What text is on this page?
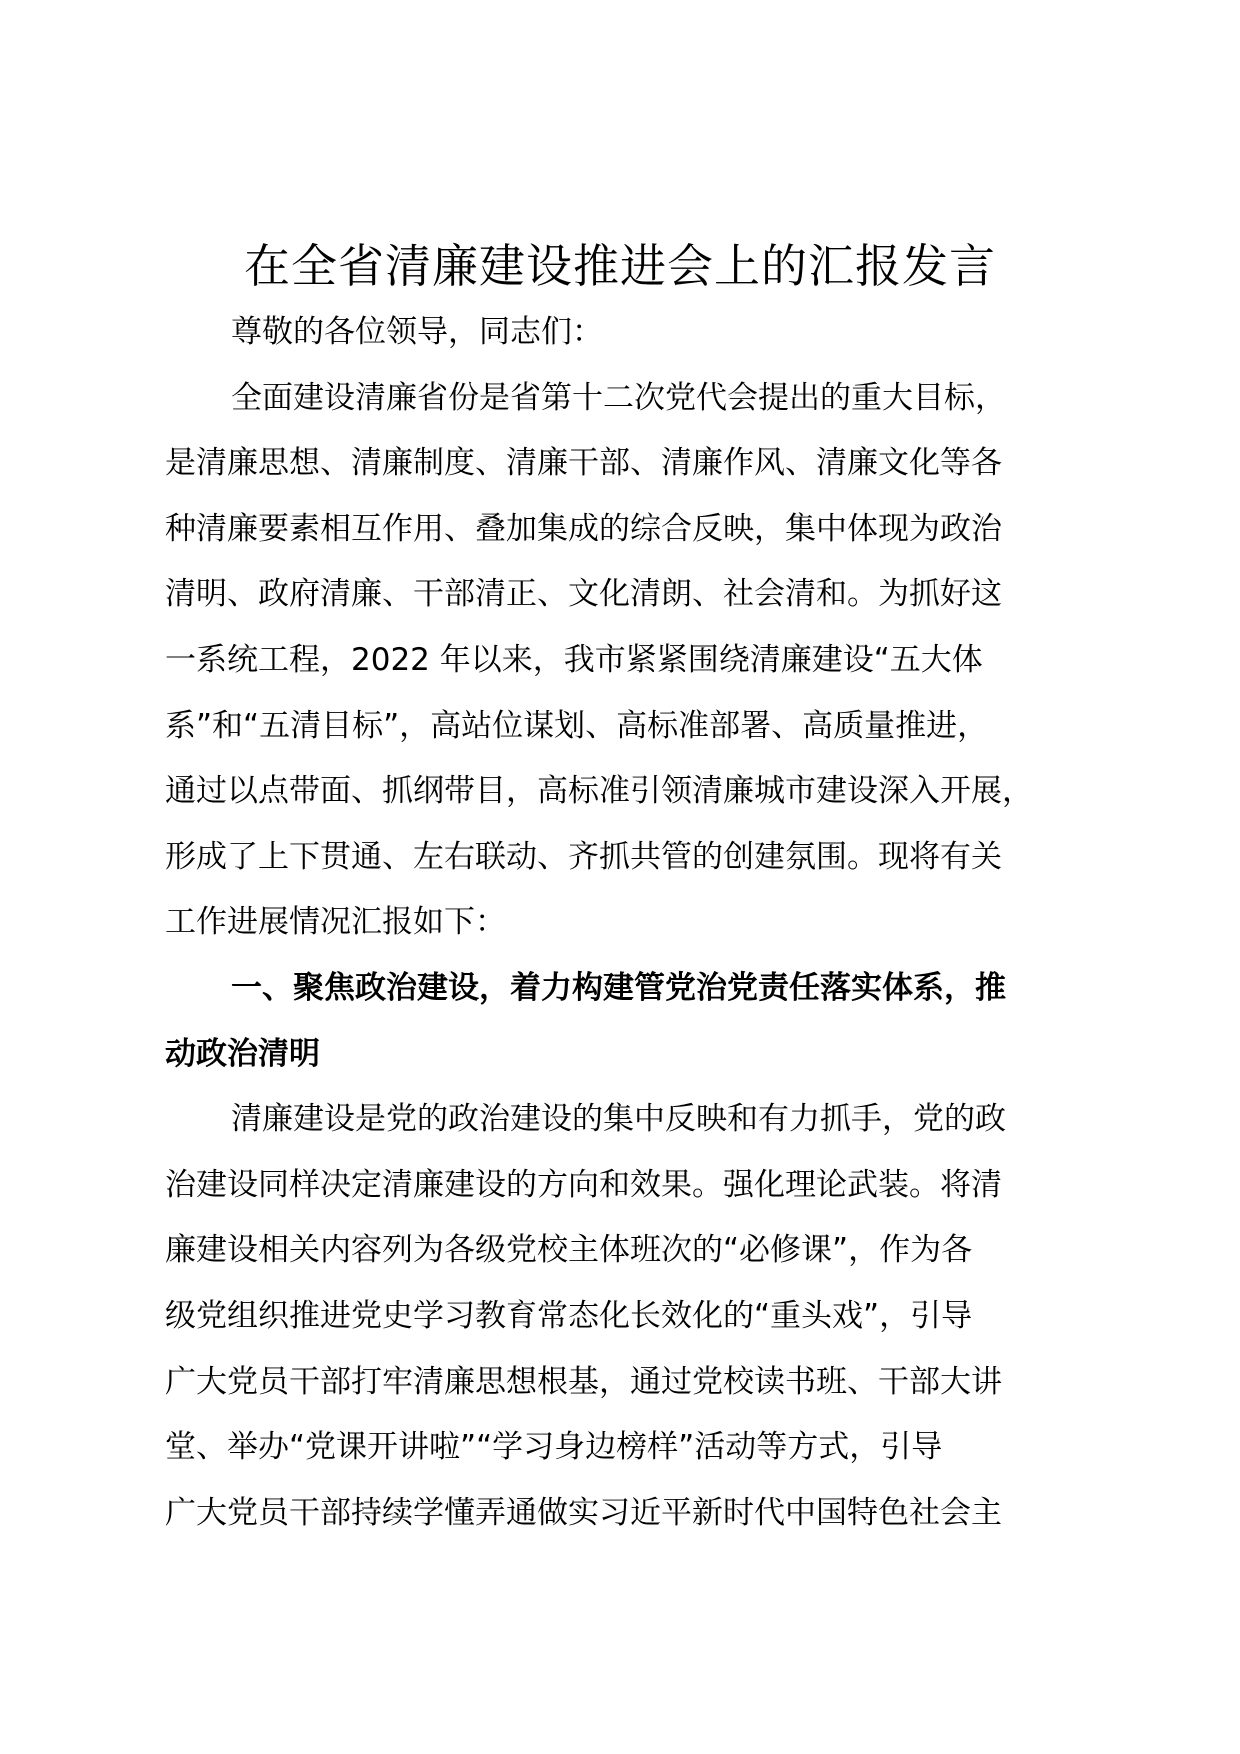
在全省清廉建设推进会上的汇报发言
尊敬的各位领导，同志们：
全面建设清廉省份是省第十二次党代会提出的重大目标，
是清廉思想、清廉制度、清廉干部、清廉作风、清廉文化等各
种清廉要素相互作用、叠加集成的综合反映，集中体现为政治
清明、政府清廉、干部清正、文化清朗、社会清和。为抓好这
一系统工程，2022 年以来，我市紧紧围绕清廉建设“五大体
系”和“五清目标”，高站位谋划、高标准部署、高质量推进，
通过以点带面、抓纲带目，高标准引领清廉城市建设深入开展，
形成了上下贯通、左右联动、齐抓共管的创建氛围。现将有关
工作进展情况汇报如下：
一、聚焦政治建设，着力构建管党治党责任落实体系，推
动政治清明
清廉建设是党的政治建设的集中反映和有力抓手，党的政
治建设同样决定清廉建设的方向和效果。强化理论武装。将清
廉建设相关内容列为各级党校主体班次的“必修课”，作为各
级党组织推进党史学习教育常态化长效化的“重头戏”，引导
广大党员干部打牢清廉思想根基，通过党校读书班、干部大讲
堂、举办“党课开讲啦”“学习身边榜样”活动等方式，引导
广大党员干部持续学懂弄通做实习近平新时代中国特色社会主
